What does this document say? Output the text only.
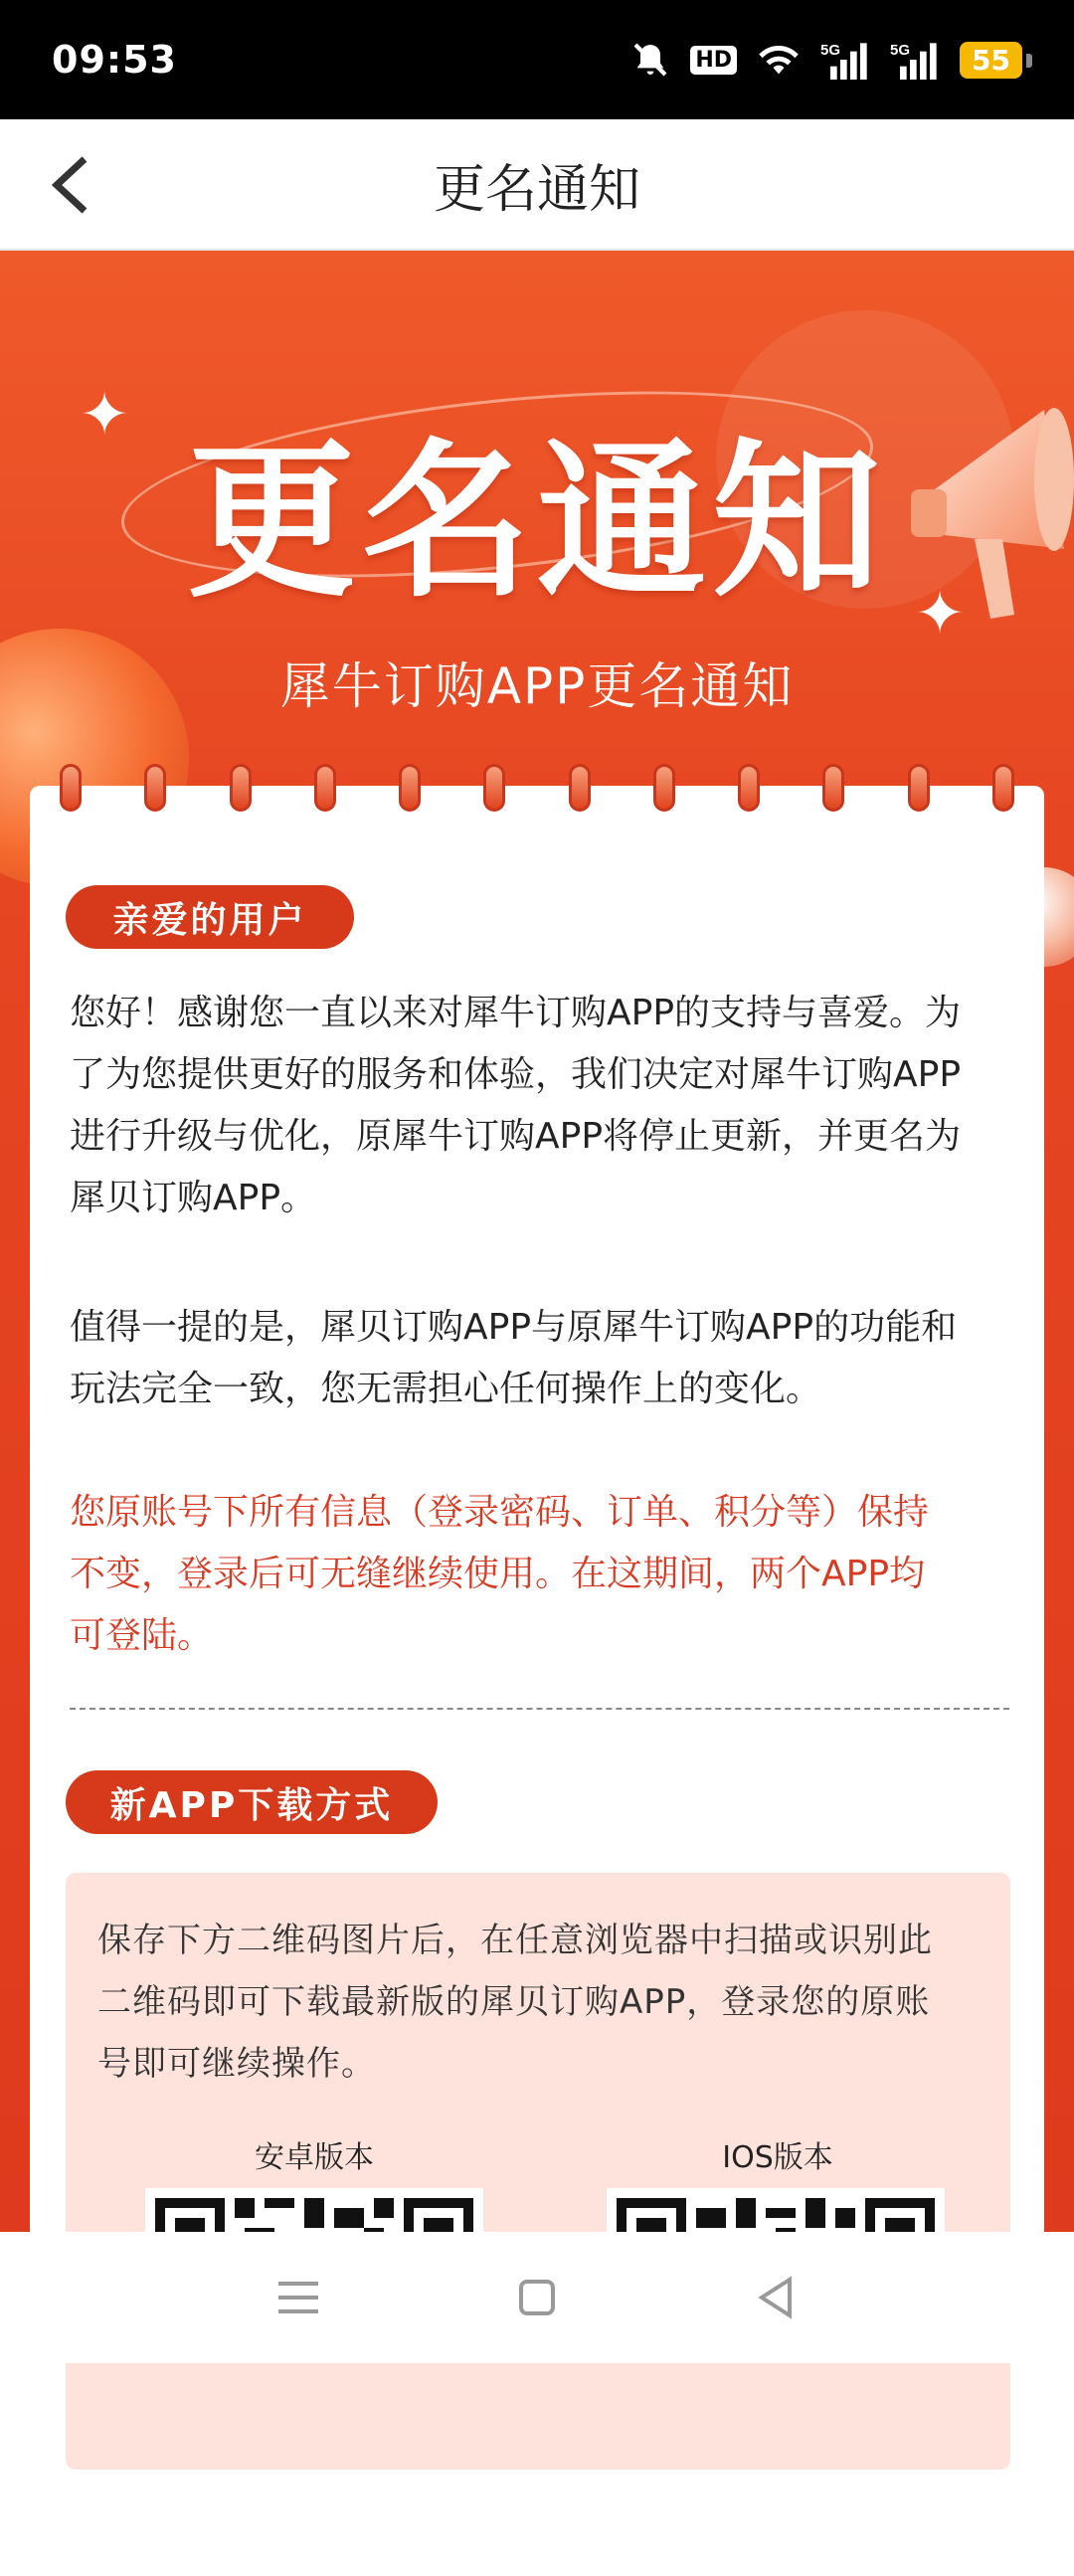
09:53	HD	5G	5G	55
更名通知
✦
✦
更名通知
犀牛订购APP更名通知
亲爱的用户
您好！感谢您一直以来对犀牛订购APP的支持与喜爱。为
了为您提供更好的服务和体验，我们决定对犀牛订购APP
进行升级与优化，原犀牛订购APP将停止更新，并更名为
犀贝订购APP。
值得一提的是，犀贝订购APP与原犀牛订购APP的功能和
玩法完全一致，您无需担心任何操作上的变化。
您原账号下所有信息（登录密码、订单、积分等）保持
不变，登录后可无缝继续使用。在这期间，两个APP均
可登陆。
新APP下载方式
保存下方二维码图片后，在任意浏览器中扫描或识别此
二维码即可下载最新版的犀贝订购APP，登录您的原账
号即可继续操作。
安卓版本	IOS版本
